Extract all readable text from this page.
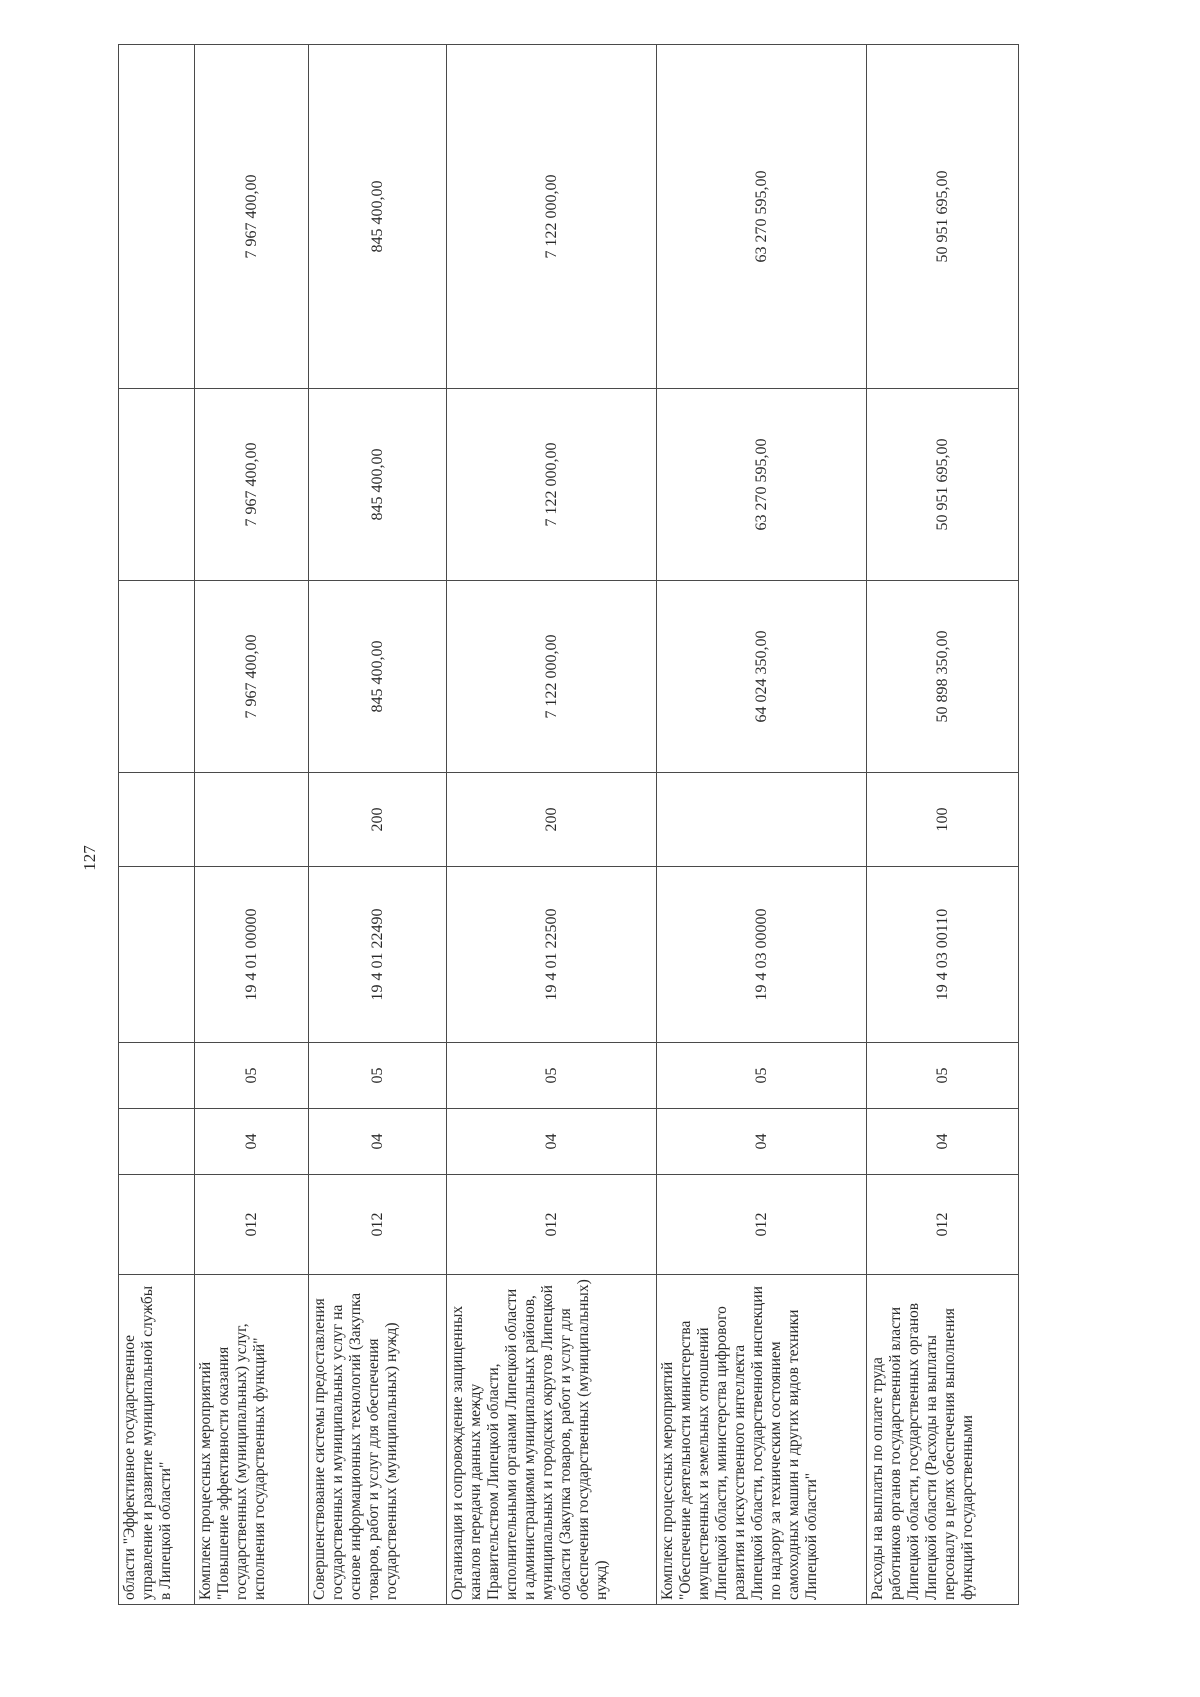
127
области "Эффективное государственное управление и развитие муниципальной службы в Липецкой области"								
Комплекс процессных мероприятий "Повышение эффективности оказания государственных (муниципальных) услуг, исполнения государственных функций"	012	04	05	19 4 01 00000		7 967 400,00	7 967 400,00	7 967 400,00
Совершенствование системы предоставления государственных и муниципальных услуг на основе информационных технологий (Закупка товаров, работ и услуг для обеспечения государственных (муниципальных) нужд)	012	04	05	19 4 01 22490	200	845 400,00	845 400,00	845 400,00
Организация и сопровождение защищенных каналов передачи данных между Правительством Липецкой области, исполнительными органами Липецкой области и администрациями муниципальных районов, муниципальных и городских округов Липецкой области (Закупка товаров, работ и услуг для обеспечения государственных (муниципальных) нужд)	012	04	05	19 4 01 22500	200	7 122 000,00	7 122 000,00	7 122 000,00
Комплекс процессных мероприятий "Обеспечение деятельности министерства имущественных и земельных отношений Липецкой области, министерства цифрового развития и искусственного интеллекта Липецкой области, государственной инспекции по надзору за техническим состоянием самоходных машин и других видов техники Липецкой области"	012	04	05	19 4 03 00000		64 024 350,00	63 270 595,00	63 270 595,00
Расходы на выплаты по оплате труда работников органов государственной власти Липецкой области, государственных органов Липецкой области (Расходы на выплаты персоналу в целях обеспечения выполнения функций государственными	012	04	05	19 4 03 00110	100	50 898 350,00	50 951 695,00	50 951 695,00
